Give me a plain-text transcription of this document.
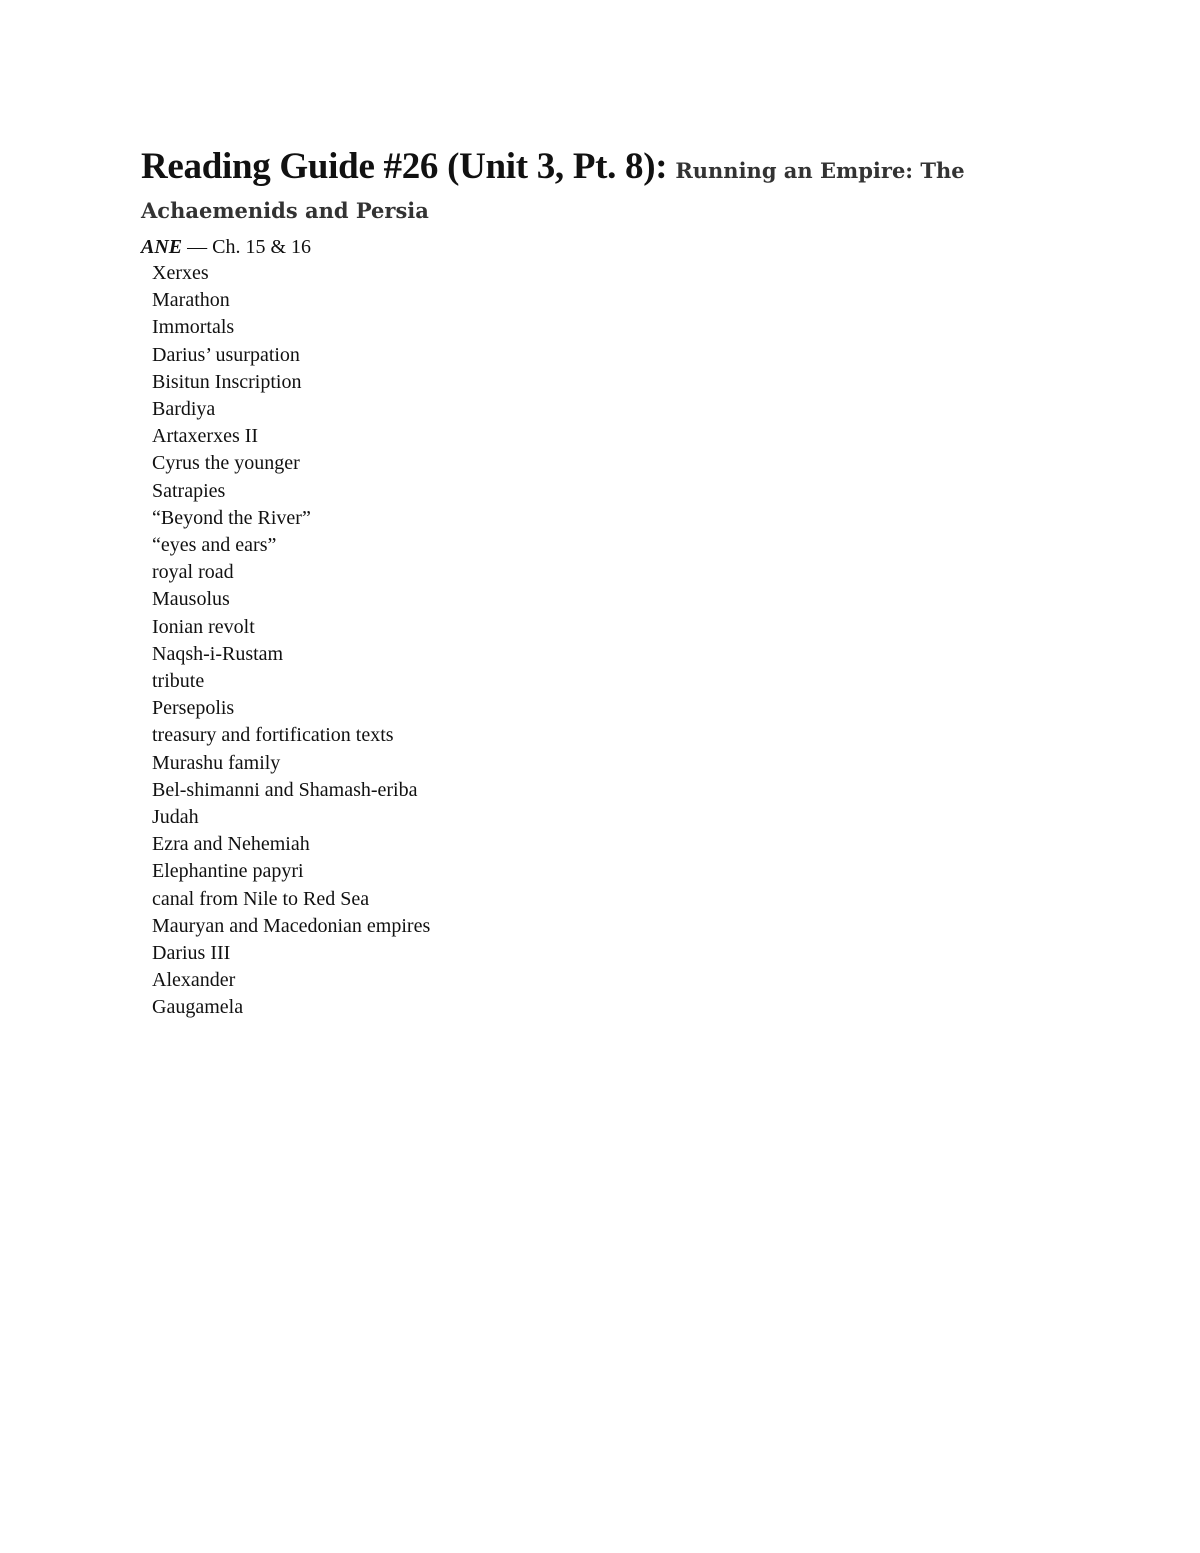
Reading Guide #26 (Unit 3, Pt. 8): Running an Empire: The Achaemenids and Persia
ANE — Ch. 15 & 16
Xerxes
Marathon
Immortals
Darius’ usurpation
Bisitun Inscription
Bardiya
Artaxerxes II
Cyrus the younger
Satrapies
“Beyond the River”
“eyes and ears”
royal road
Mausolus
Ionian revolt
Naqsh-i-Rustam
tribute
Persepolis
treasury and fortification texts
Murashu family
Bel-shimanni and Shamash-eriba
Judah
Ezra and Nehemiah
Elephantine papyri
canal from Nile to Red Sea
Mauryan and Macedonian empires
Darius III
Alexander
Gaugamela
